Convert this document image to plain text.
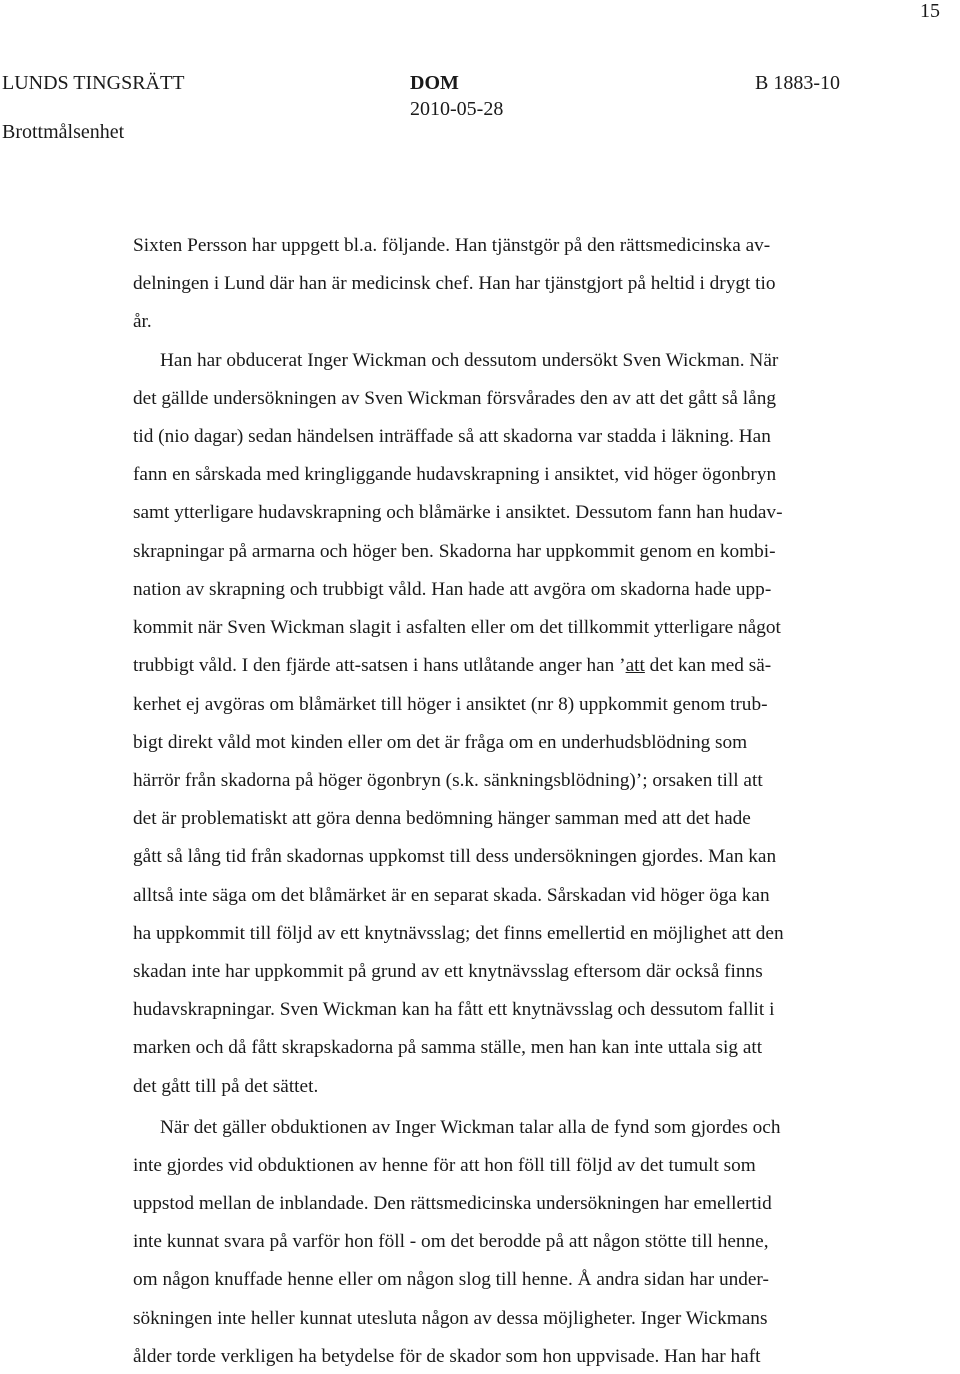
15
LUNDS TINGSRÄTT
Brottmålsenhet
DOM
2010-05-28
B 1883-10
Sixten Persson har uppgett bl.a. följande. Han tjänstgör på den rättsmedicinska av-
delningen i Lund där han är medicinsk chef. Han har tjänstgjort på heltid i drygt tio
år.
Han har obducerat Inger Wickman och dessutom undersökt Sven Wickman. När
det gällde undersökningen av Sven Wickman försvårades den av att det gått så lång
tid (nio dagar) sedan händelsen inträffade så att skadorna var stadda i läkning. Han
fann en sårskada med kringliggande hudavskrapning i ansiktet, vid höger ögonbryn
samt ytterligare hudavskrapning och blåmärke i ansiktet. Dessutom fann han hudav-
skrapningar på armarna och höger ben. Skadorna har uppkommit genom en kombi-
nation av skrapning och trubbigt våld. Han hade att avgöra om skadorna hade upp-
kommit när Sven Wickman slagit i asfalten eller om det tillkommit ytterligare något
trubbigt våld. I den fjärde att-satsen i hans utlåtande anger han ’att det kan med sä-
kerhet ej avgöras om blåmärket till höger i ansiktet (nr 8) uppkommit genom trub-
bigt direkt våld mot kinden eller om det är fråga om en underhudsblödning som
härrör från skadorna på höger ögonbryn (s.k. sänkningsblödning)’; orsaken till att
det är problematiskt att göra denna bedömning hänger samman med att det hade
gått så lång tid från skadornas uppkomst till dess undersökningen gjordes. Man kan
alltså inte säga om det blåmärket är en separat skada. Sårskadan vid höger öga kan
ha uppkommit till följd av ett knytnävsslag; det finns emellertid en möjlighet att den
skadan inte har uppkommit på grund av ett knytnävsslag eftersom där också finns
hudavskrapningar. Sven Wickman kan ha fått ett knytnävsslag och dessutom fallit i
marken och då fått skrapskadorna på samma ställe, men han kan inte uttala sig att
det gått till på det sättet.
När det gäller obduktionen av Inger Wickman talar alla de fynd som gjordes och
inte gjordes vid obduktionen av henne för att hon föll till följd av det tumult som
uppstod mellan de inblandade. Den rättsmedicinska undersökningen har emellertid
inte kunnat svara på varför hon föll - om det berodde på att någon stötte till henne,
om någon knuffade henne eller om någon slog till henne. Å andra sidan har under-
sökningen inte heller kunnat utesluta någon av dessa möjligheter. Inger Wickmans
ålder torde verkligen ha betydelse för de skador som hon uppvisade. Han har haft
